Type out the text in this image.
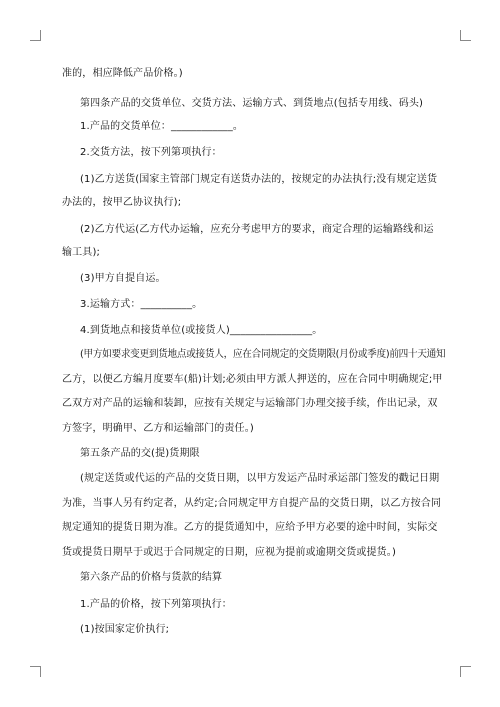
准的，相应降低产品价格。)
第四条产品的交货单位、交货方法、运输方式、到货地点(包括专用线、码头)
1.产品的交货单位：____________。
2.交货方法，按下列第项执行：
(1)乙方送货(国家主管部门规定有送货办法的，按规定的办法执行;没有规定送货
办法的，按甲乙协议执行);
(2)乙方代运(乙方代办运输，应充分考虑甲方的要求，商定合理的运输路线和运
输工具);
(3)甲方自提自运。
3.运输方式：__________。
4.到货地点和接货单位(或接货人)________________。
(甲方如要求变更到货地点或接货人，应在合同规定的交货期限(月份或季度)前四十天通知
乙方，以便乙方编月度要车(船)计划;必须由甲方派人押送的，应在合同中明确规定;甲
乙双方对产品的运输和装卸，应按有关规定与运输部门办理交接手续，作出记录，双
方签字，明确甲、乙方和运输部门的责任。)
第五条产品的交(提)货期限
(规定送货或代运的产品的交货日期，以甲方发运产品时承运部门签发的戳记日期
为准，当事人另有约定者，从约定;合同规定甲方自提产品的交货日期，以乙方按合同
规定通知的提货日期为准。乙方的提货通知中，应给予甲方必要的途中时间，实际交
货或提货日期早于或迟于合同规定的日期，应视为提前或逾期交货或提货。)
第六条产品的价格与货款的结算
1.产品的价格，按下列第项执行：
(1)按国家定价执行;
